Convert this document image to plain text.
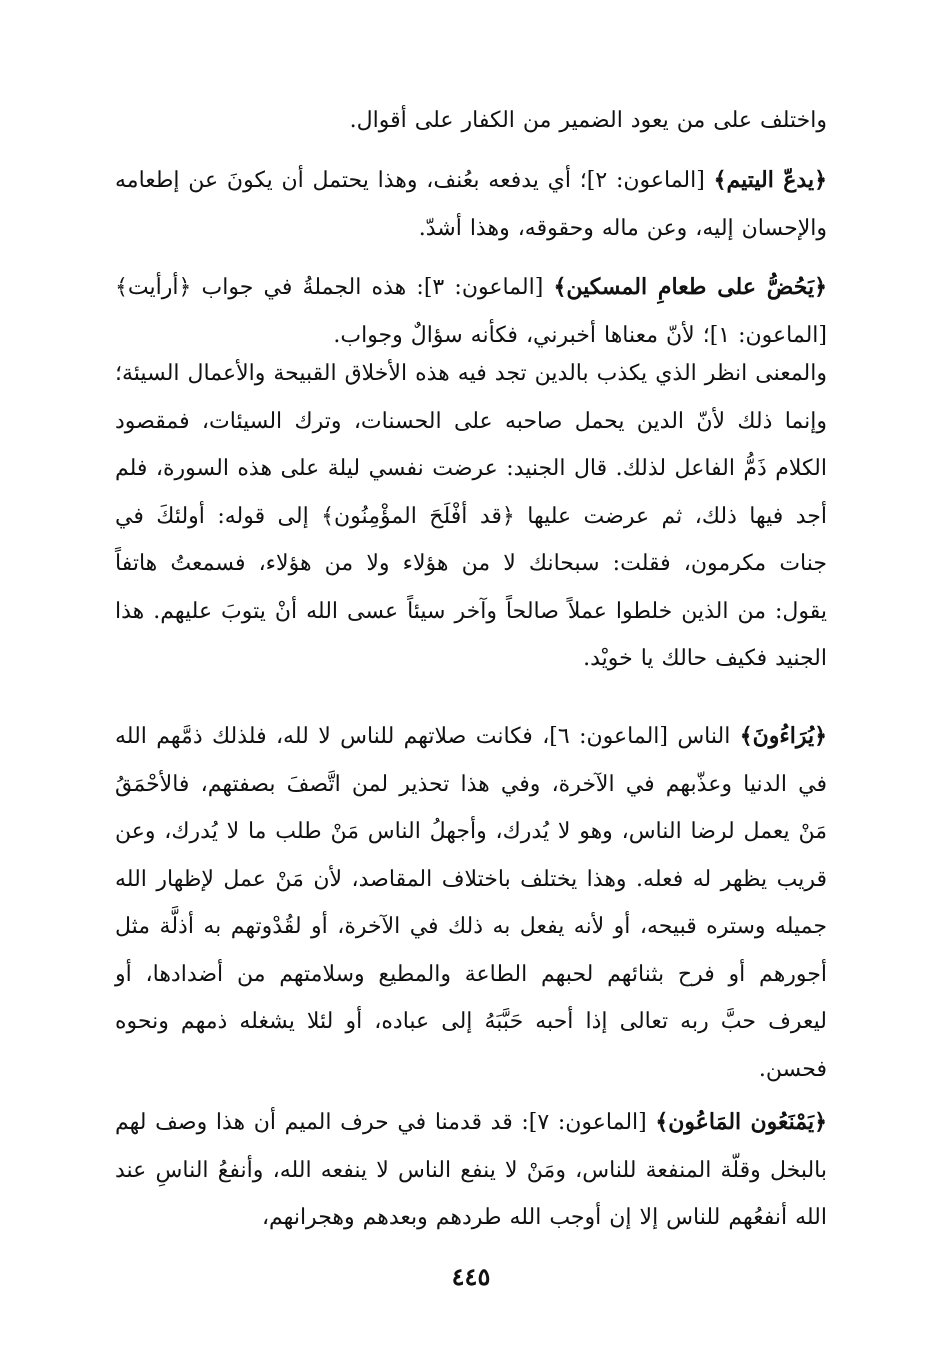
واختلف على من يعود الضمير من الكفار على أقوال.

﴿يدعّ اليتيم﴾ [الماعون: ٢]؛ أي يدفعه بعُنف، وهذا يحتمل أن يكونَ عن إطعامه والإحسان إليه، وعن ماله وحقوقه، وهذا أشدّ.

﴿يَحُضُّ على طعامِ المسكين﴾ [الماعون: ٣]: هذه الجملةُ في جواب ﴿أرأيت﴾ [الماعون: ١]؛ لأنّ معناها أخبرني، فكأنه سؤالٌ وجواب.

والمعنى انظر الذي يكذب بالدين تجد فيه هذه الأخلاق القبيحة والأعمال السيئة؛ وإنما ذلك لأنّ الدين يحمل صاحبه على الحسنات، وترك السيئات، فمقصود الكلام ذَمُّ الفاعل لذلك. قال الجنيد: عرضت نفسي ليلة على هذه السورة، فلم أجد فيها ذلك، ثم عرضت عليها ﴿قد أفْلَحَ المؤْمِنُون﴾ إلى قوله: أولئكَ في جنات مكرمون، فقلت: سبحانك لا من هؤلاء ولا من هؤلاء، فسمعتُ هاتفاً يقول: من الذين خلطوا عملاً صالحاً وآخر سيئاً عسى الله أنْ يتوبَ عليهم. هذا الجنيد فكيف حالك يا خويْد.

﴿يُرَاءُونَ﴾ الناس [الماعون: ٦]، فكانت صلاتهم للناس لا لله، فلذلك ذمَّهم الله في الدنيا وعذّبهم في الآخرة، وفي هذا تحذير لمن اتَّصفَ بصفتهم، فالأحْمَقُ مَنْ يعمل لرضا الناس، وهو لا يُدرك، وأجهلُ الناس مَنْ طلب ما لا يُدرك، وعن قريب يظهر له فعله. وهذا يختلف باختلاف المقاصد، لأن مَنْ عمل لإظهار الله جميله وستره قبيحه، أو لأنه يفعل به ذلك في الآخرة، أو لقُدْوتهم به أذلَّة مثل أجورهم أو فرح بثنائهم لحبهم الطاعة والمطيع وسلامتهم من أضدادها، أو ليعرف حبَّ ربه تعالى إذا أحبه حَبَّبَهُ إلى عباده، أو لئلا يشغله ذمهم ونحوه فحسن.

﴿يَمْنَعُون المَاعُون﴾ [الماعون: ٧]: قد قدمنا في حرف الميم أن هذا وصف لهم بالبخل وقلّة المنفعة للناس، ومَنْ لا ينفع الناس لا ينفعه الله، وأنفعُ الناسِ عند الله أنفعُهم للناس إلا إن أوجب الله طردهم وبعدهم وهجرانهم،

٤٤٥
